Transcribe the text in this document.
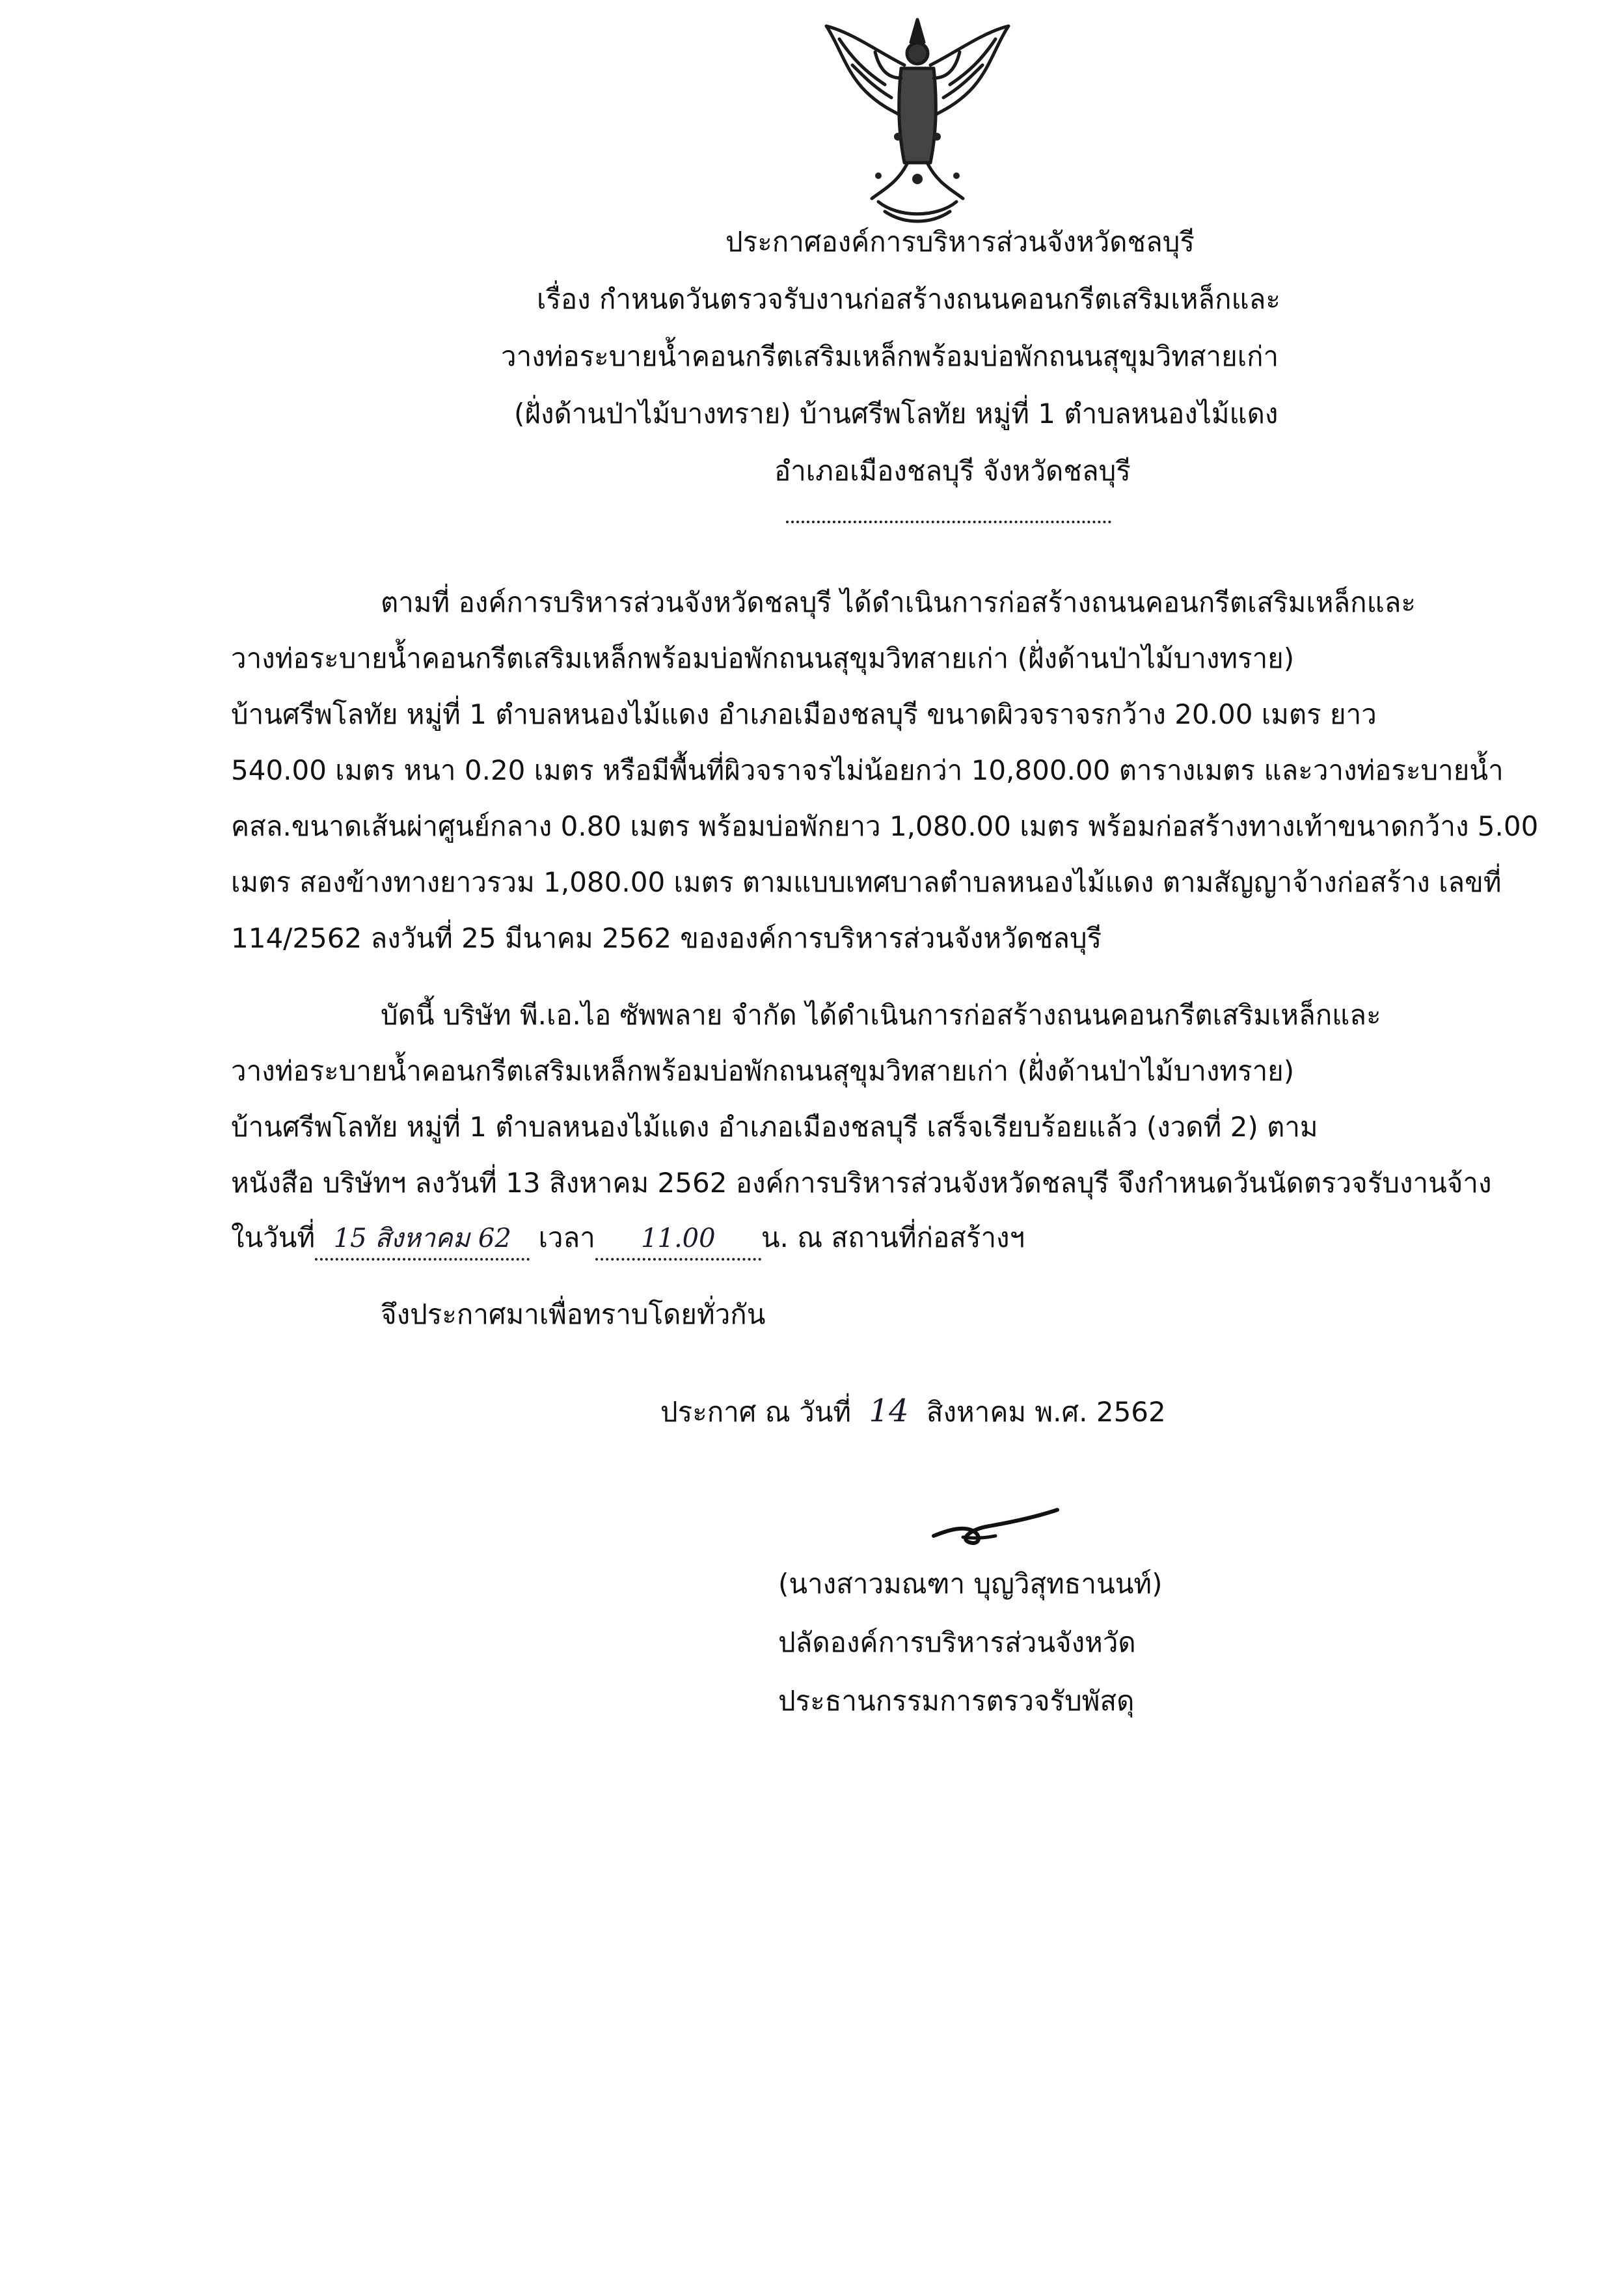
ประกาศองค์การบริหารส่วนจังหวัดชลบุรี
เรื่อง กำหนดวันตรวจรับงานก่อสร้างถนนคอนกรีตเสริมเหล็กและ
วางท่อระบายน้ำคอนกรีตเสริมเหล็กพร้อมบ่อพักถนนสุขุมวิทสายเก่า
(ฝั่งด้านป่าไม้บางทราย) บ้านศรีพโลทัย หมู่ที่ 1 ตำบลหนองไม้แดง
อำเภอเมืองชลบุรี จังหวัดชลบุรี
ตามที่ องค์การบริหารส่วนจังหวัดชลบุรี ได้ดำเนินการก่อสร้างถนนคอนกรีตเสริมเหล็กและ
วางท่อระบายน้ำคอนกรีตเสริมเหล็กพร้อมบ่อพักถนนสุขุมวิทสายเก่า (ฝั่งด้านป่าไม้บางทราย)
บ้านศรีพโลทัย หมู่ที่ 1 ตำบลหนองไม้แดง อำเภอเมืองชลบุรี ขนาดผิวจราจรกว้าง 20.00 เมตร ยาว
540.00 เมตร หนา 0.20 เมตร หรือมีพื้นที่ผิวจราจรไม่น้อยกว่า 10,800.00 ตารางเมตร และวางท่อระบายน้ำ
คสล.ขนาดเส้นผ่าศูนย์กลาง 0.80 เมตร พร้อมบ่อพักยาว 1,080.00 เมตร พร้อมก่อสร้างทางเท้าขนาดกว้าง 5.00
เมตร สองข้างทางยาวรวม 1,080.00 เมตร ตามแบบเทศบาลตำบลหนองไม้แดง ตามสัญญาจ้างก่อสร้าง เลขที่
114/2562 ลงวันที่ 25 มีนาคม 2562 ขององค์การบริหารส่วนจังหวัดชลบุรี
บัดนี้ บริษัท พี.เอ.ไอ ซัพพลาย จำกัด ได้ดำเนินการก่อสร้างถนนคอนกรีตเสริมเหล็กและ
วางท่อระบายน้ำคอนกรีตเสริมเหล็กพร้อมบ่อพักถนนสุขุมวิทสายเก่า (ฝั่งด้านป่าไม้บางทราย)
บ้านศรีพโลทัย หมู่ที่ 1 ตำบลหนองไม้แดง อำเภอเมืองชลบุรี เสร็จเรียบร้อยแล้ว (งวดที่ 2) ตาม
หนังสือ บริษัทฯ ลงวันที่ 13 สิงหาคม 2562 องค์การบริหารส่วนจังหวัดชลบุรี จึงกำหนดวันนัดตรวจรับงานจ้าง
ในวันที่ 15 สิงหาคม 62 เวลา 11.00 น. ณ สถานที่ก่อสร้างฯ
จึงประกาศมาเพื่อทราบโดยทั่วกัน
ประกาศ ณ วันที่ 14 สิงหาคม พ.ศ. 2562
(นางสาวมณฑา บุญวิสุทธานนท์)
ปลัดองค์การบริหารส่วนจังหวัด
ประธานกรรมการตรวจรับพัสดุ
